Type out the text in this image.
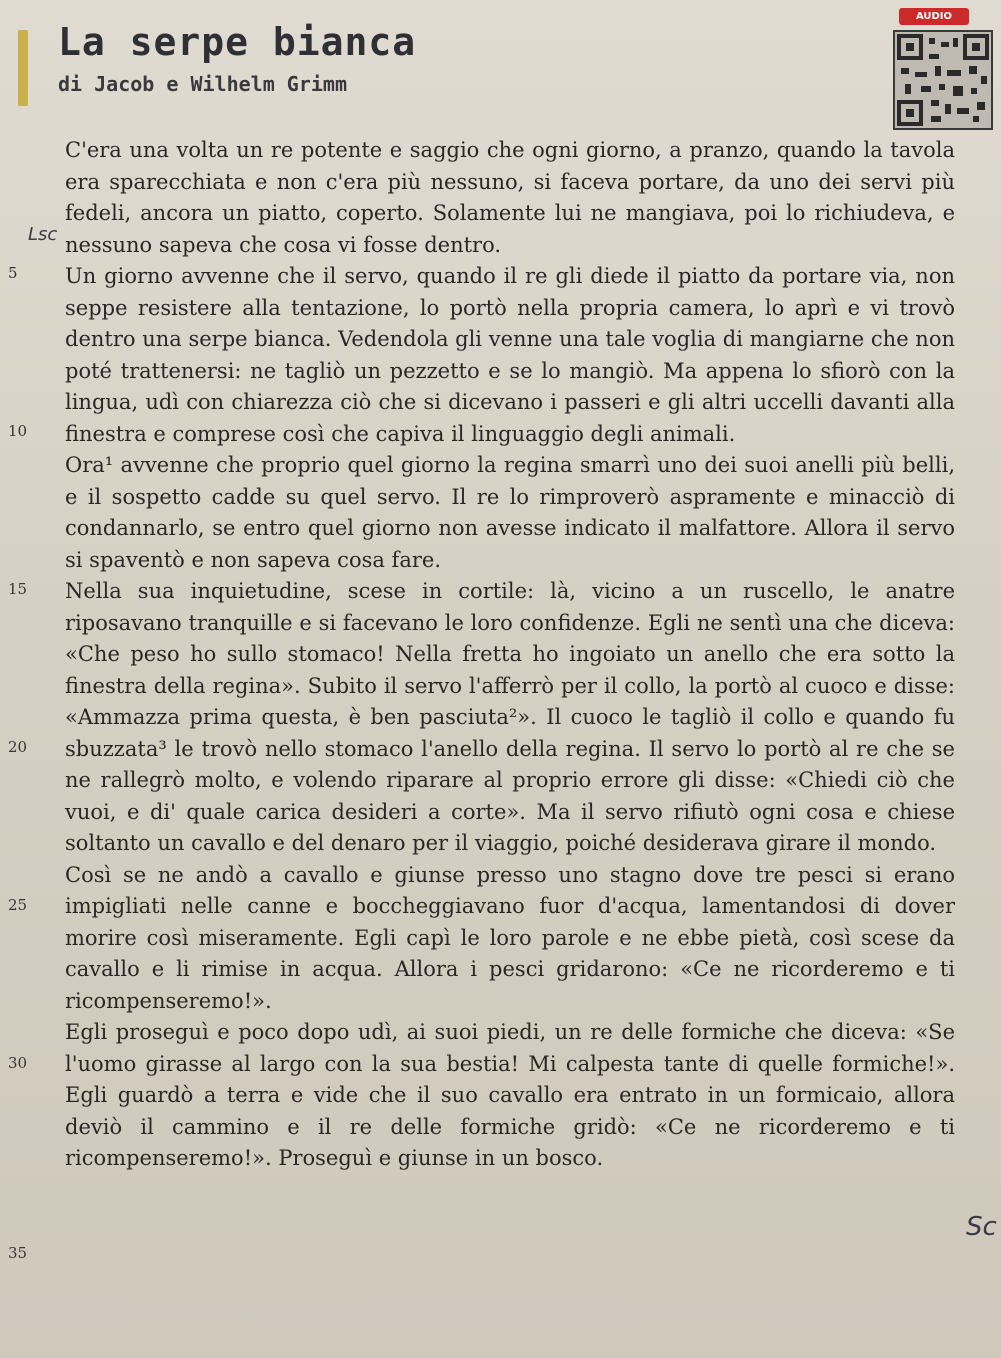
La serpe bianca
di Jacob e Wilhelm Grimm
AUDIO
Lsc
Sc
5
10
15
20
25
30
35

C'era una volta un re potente e saggio che ogni giorno, a pranzo, quando la tavola era sparecchiata e non c'era più nessuno, si faceva portare, da uno dei servi più fedeli, ancora un piatto, coperto. Solamente lui ne mangiava, poi lo richiudeva, e nessuno sapeva che cosa vi fosse dentro.

Un giorno avvenne che il servo, quando il re gli diede il piatto da portare via, non seppe resistere alla tentazione, lo portò nella propria camera, lo aprì e vi trovò dentro una serpe bianca. Vedendola gli venne una tale voglia di mangiarne che non poté trattenersi: ne tagliò un pezzetto e se lo mangiò. Ma appena lo sfiorò con la lingua, udì con chiarezza ciò che si dicevano i passeri e gli altri uccelli davanti alla finestra e comprese così che capiva il linguaggio degli animali.

Ora¹ avvenne che proprio quel giorno la regina smarrì uno dei suoi anelli più belli, e il sospetto cadde su quel servo. Il re lo rimproverò aspramente e minacciò di condannarlo, se entro quel giorno non avesse indicato il malfattore. Allora il servo si spaventò e non sapeva cosa fare.

Nella sua inquietudine, scese in cortile: là, vicino a un ruscello, le anatre riposavano tranquille e si facevano le loro confidenze. Egli ne sentì una che diceva: «Che peso ho sullo stomaco! Nella fretta ho ingoiato un anello che era sotto la finestra della regina». Subito il servo l'afferrò per il collo, la portò al cuoco e disse: «Ammazza prima questa, è ben pasciuta²». Il cuoco le tagliò il collo e quando fu sbuzzata³ le trovò nello stomaco l'anello della regina. Il servo lo portò al re che se ne rallegrò molto, e volendo riparare al proprio errore gli disse: «Chiedi ciò che vuoi, e di' quale carica desideri a corte». Ma il servo rifiutò ogni cosa e chiese soltanto un cavallo e del denaro per il viaggio, poiché desiderava girare il mondo.

Così se ne andò a cavallo e giunse presso uno stagno dove tre pesci si erano impigliati nelle canne e boccheggiavano fuor d'acqua, lamentandosi di dover morire così miseramente. Egli capì le loro parole e ne ebbe pietà, così scese da cavallo e li rimise in acqua. Allora i pesci gridarono: «Ce ne ricorderemo e ti ricompenseremo!».

Egli proseguì e poco dopo udì, ai suoi piedi, un re delle formiche che diceva: «Se l'uomo girasse al largo con la sua bestia! Mi calpesta tante di quelle formiche!». Egli guardò a terra e vide che il suo cavallo era entrato in un formicaio, allora deviò il cammino e il re delle formiche gridò: «Ce ne ricorderemo e ti ricompenseremo!». Proseguì e giunse in un bosco.
